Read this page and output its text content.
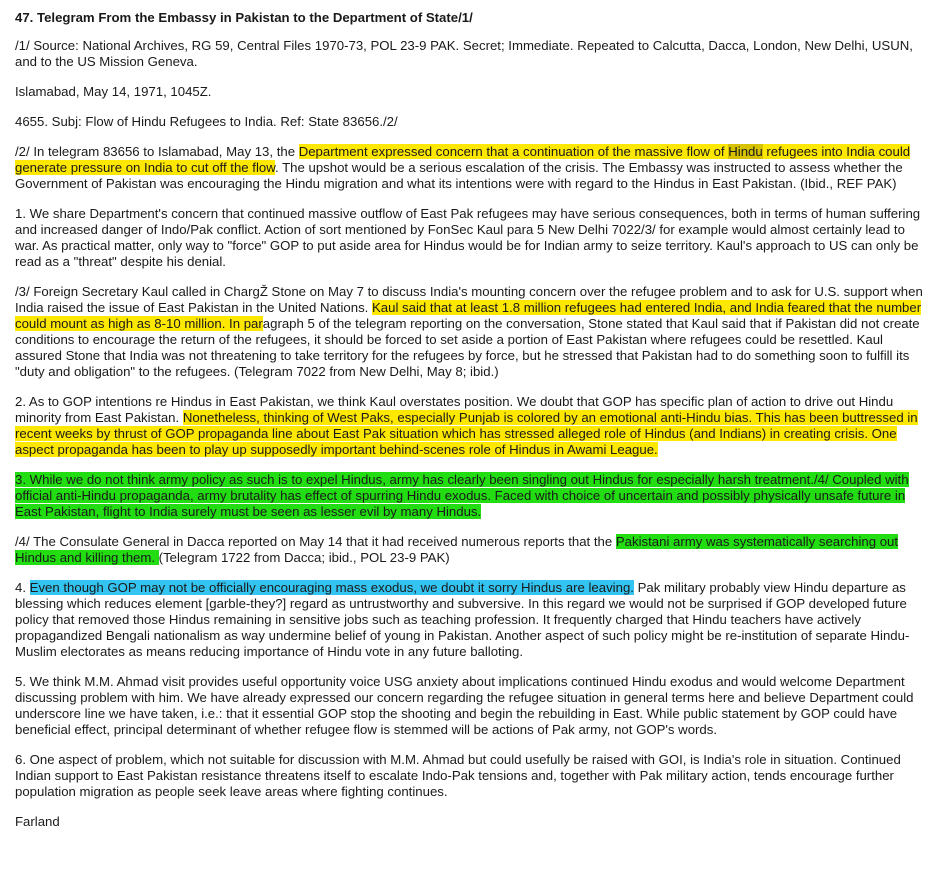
47. Telegram From the Embassy in Pakistan to the Department of State/1/

/1/ Source: National Archives, RG 59, Central Files 1970-73, POL 23-9 PAK. Secret; Immediate. Repeated to Calcutta, Dacca, London, New Delhi, USUN, and to the US Mission Geneva.

Islamabad, May 14, 1971, 1045Z.

4655. Subj: Flow of Hindu Refugees to India. Ref: State 83656./2/

/2/ In telegram 83656 to Islamabad, May 13, the Department expressed concern that a continuation of the massive flow of Hindu refugees into India could generate pressure on India to cut off the flow. The upshot would be a serious escalation of the crisis. The Embassy was instructed to assess whether the Government of Pakistan was encouraging the Hindu migration and what its intentions were with regard to the Hindus in East Pakistan. (Ibid., REF PAK)

1. We share Department's concern that continued massive outflow of East Pak refugees may have serious consequences, both in terms of human suffering and increased danger of Indo/Pak conflict. Action of sort mentioned by FonSec Kaul para 5 New Delhi 7022/3/ for example would almost certainly lead to war. As practical matter, only way to "force" GOP to put aside area for Hindus would be for Indian army to seize territory. Kaul's approach to US can only be read as a "threat" despite his denial.

/3/ Foreign Secretary Kaul called in ChargŽ Stone on May 7 to discuss India's mounting concern over the refugee problem and to ask for U.S. support when India raised the issue of East Pakistan in the United Nations. Kaul said that at least 1.8 million refugees had entered India, and India feared that the number could mount as high as 8-10 million. In paragraph 5 of the telegram reporting on the conversation, Stone stated that Kaul said that if Pakistan did not create conditions to encourage the return of the refugees, it should be forced to set aside a portion of East Pakistan where refugees could be resettled. Kaul assured Stone that India was not threatening to take territory for the refugees by force, but he stressed that Pakistan had to do something soon to fulfill its "duty and obligation" to the refugees. (Telegram 7022 from New Delhi, May 8; ibid.)

2. As to GOP intentions re Hindus in East Pakistan, we think Kaul overstates position. We doubt that GOP has specific plan of action to drive out Hindu minority from East Pakistan. Nonetheless, thinking of West Paks, especially Punjab is colored by an emotional anti-Hindu bias. This has been buttressed in recent weeks by thrust of GOP propaganda line about East Pak situation which has stressed alleged role of Hindus (and Indians) in creating crisis. One aspect propaganda has been to play up supposedly important behind-scenes role of Hindus in Awami League.

3. While we do not think army policy as such is to expel Hindus, army has clearly been singling out Hindus for especially harsh treatment./4/ Coupled with official anti-Hindu propaganda, army brutality has effect of spurring Hindu exodus. Faced with choice of uncertain and possibly physically unsafe future in East Pakistan, flight to India surely must be seen as lesser evil by many Hindus.

/4/ The Consulate General in Dacca reported on May 14 that it had received numerous reports that the Pakistani army was systematically searching out Hindus and killing them. (Telegram 1722 from Dacca; ibid., POL 23-9 PAK)

4. Even though GOP may not be officially encouraging mass exodus, we doubt it sorry Hindus are leaving. Pak military probably view Hindu departure as blessing which reduces element [garble-they?] regard as untrustworthy and subversive. In this regard we would not be surprised if GOP developed future policy that removed those Hindus remaining in sensitive jobs such as teaching profession. It frequently charged that Hindu teachers have actively propagandized Bengali nationalism as way undermine belief of young in Pakistan. Another aspect of such policy might be re-institution of separate Hindu-Muslim electorates as means reducing importance of Hindu vote in any future balloting.

5. We think M.M. Ahmad visit provides useful opportunity voice USG anxiety about implications continued Hindu exodus and would welcome Department discussing problem with him. We have already expressed our concern regarding the refugee situation in general terms here and believe Department could underscore line we have taken, i.e.: that it essential GOP stop the shooting and begin the rebuilding in East. While public statement by GOP could have beneficial effect, principal determinant of whether refugee flow is stemmed will be actions of Pak army, not GOP's words.

6. One aspect of problem, which not suitable for discussion with M.M. Ahmad but could usefully be raised with GOI, is India's role in situation. Continued Indian support to East Pakistan resistance threatens itself to escalate Indo-Pak tensions and, together with Pak military action, tends encourage further population migration as people seek leave areas where fighting continues.

Farland
